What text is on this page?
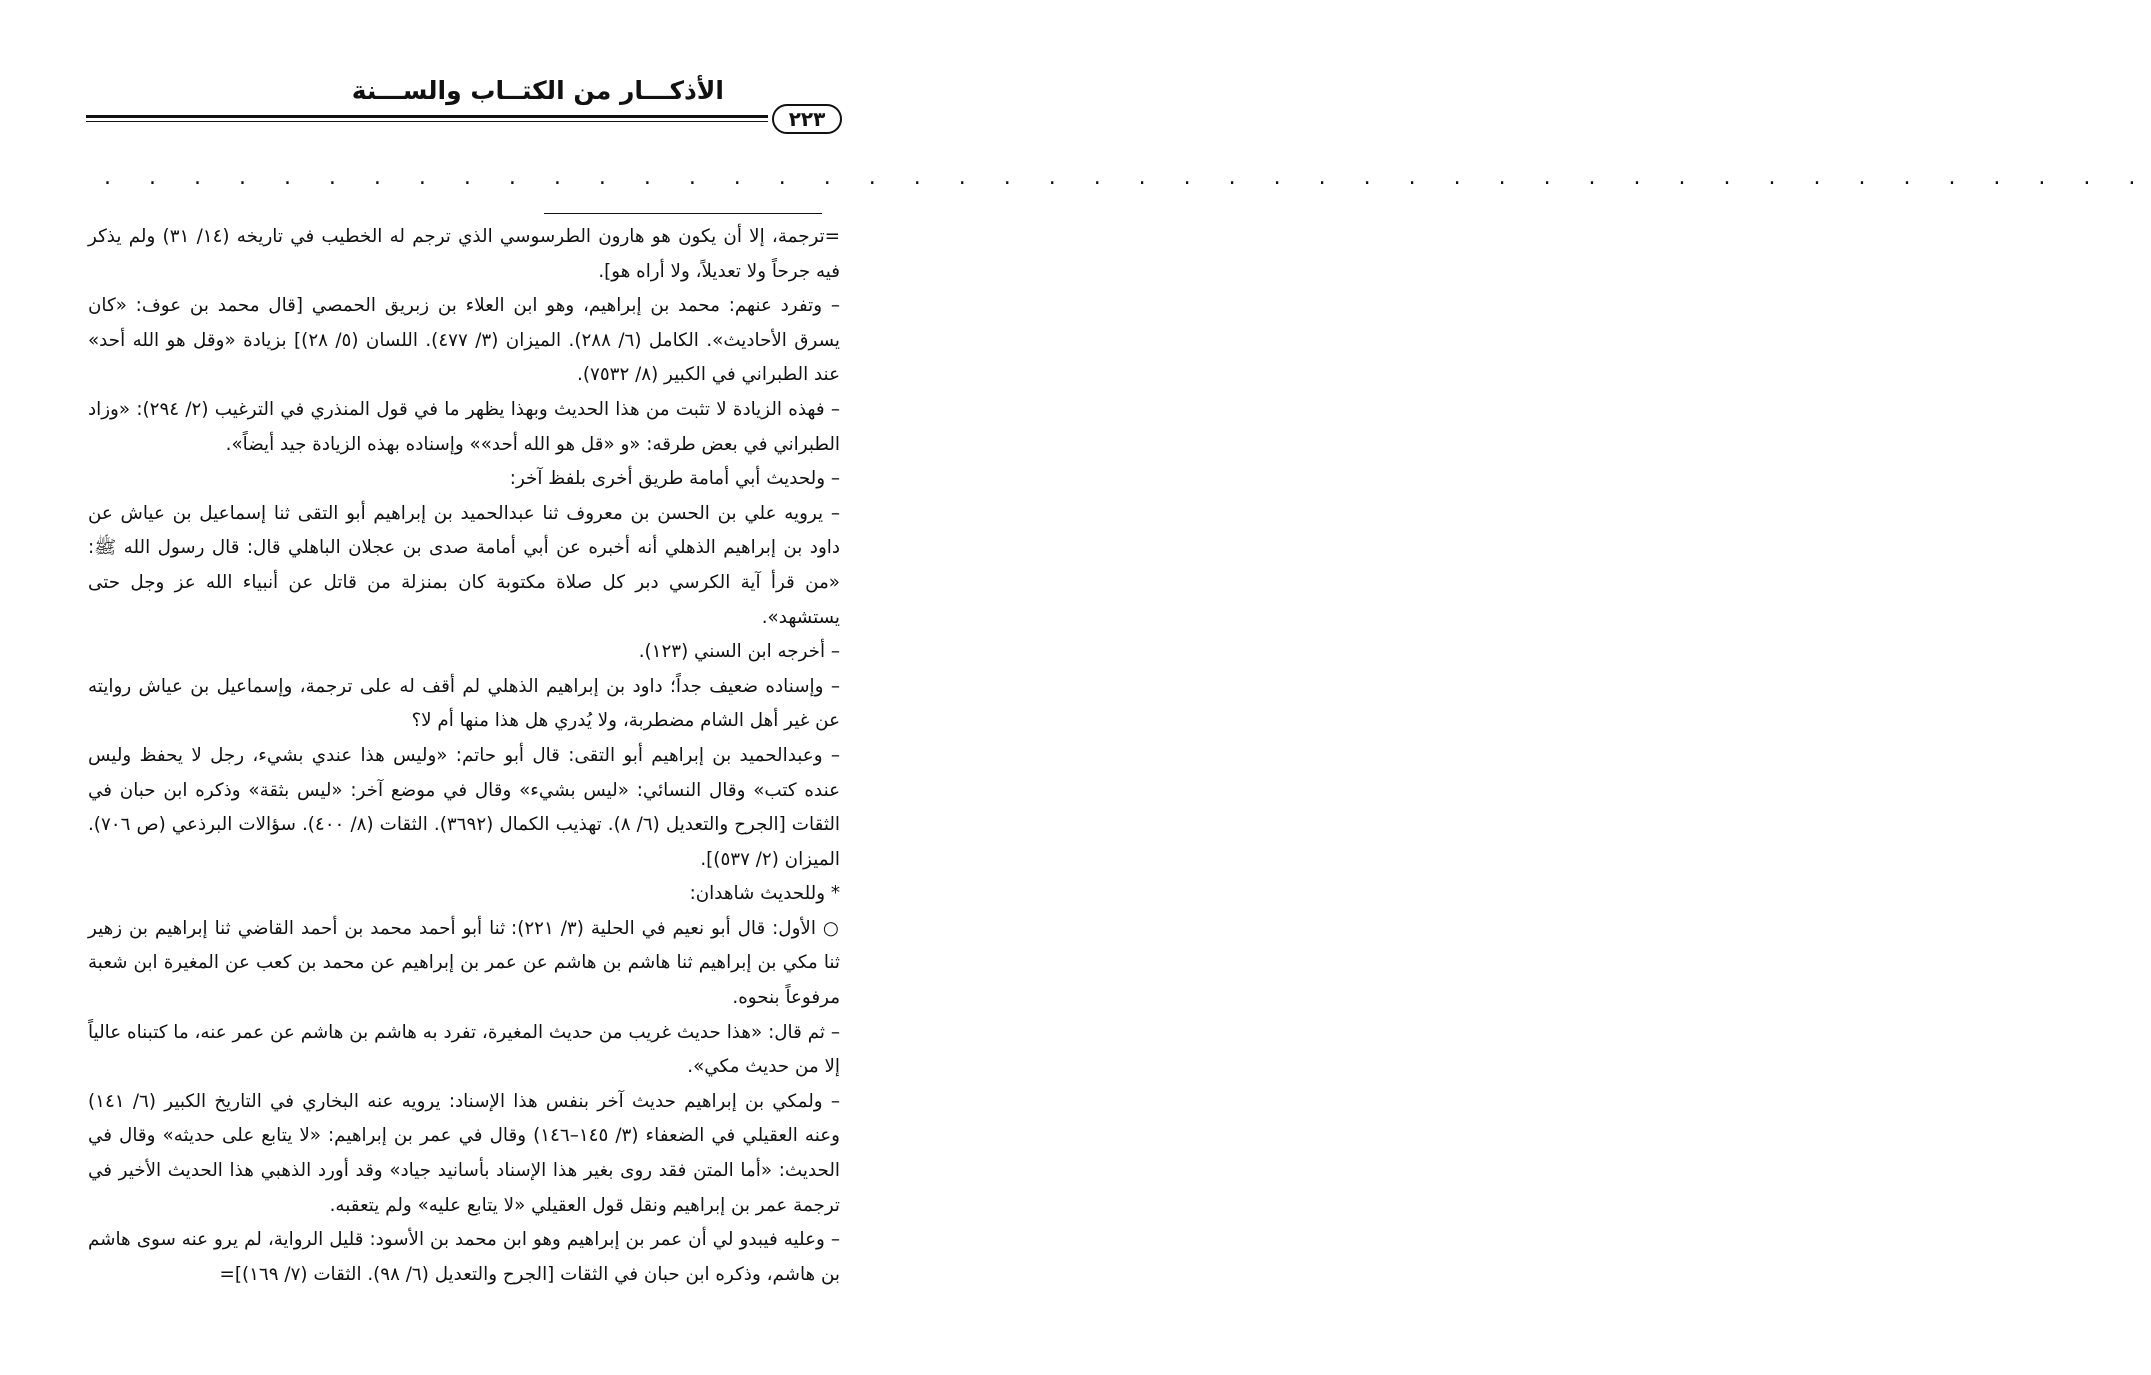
الأذكـــار من الكتــاب والســـنة
٢٢٣
. . . . . . . . . . . . . . . . . . . . . . . . . . . . . . . . . . . . . . . . . . . . . .

=ترجمة، إلا أن يكون هو هارون الطرسوسي الذي ترجم له الخطيب في تاريخه (١٤/ ٣١) ولم يذكر فيه جرحاً ولا تعديلاً، ولا أراه هو].

– وتفرد عنهم: محمد بن إبراهيم، وهو ابن العلاء بن زبريق الحمصي [قال محمد بن عوف: «كان يسرق الأحاديث». الكامل (٦/ ٢٨٨). الميزان (٣/ ٤٧٧). اللسان (٥/ ٢٨)] بزيادة «وقل هو الله أحد» عند الطبراني في الكبير (٨/ ٧٥٣٢).

– فهذه الزيادة لا تثبت من هذا الحديث وبهذا يظهر ما في قول المنذري في الترغيب (٢/ ٢٩٤): «وزاد الطبراني في بعض طرقه: «و «قل هو الله أحد»» وإسناده بهذه الزيادة جيد أيضاً».

– ولحديث أبي أمامة طريق أخرى بلفظ آخر:

– يرويه علي بن الحسن بن معروف ثنا عبدالحميد بن إبراهيم أبو التقى ثنا إسماعيل بن عياش عن داود بن إبراهيم الذهلي أنه أخبره عن أبي أمامة صدى بن عجلان الباهلي قال: قال رسول الله ﷺ: «من قرأ آية الكرسي دبر كل صلاة مكتوبة كان بمنزلة من قاتل عن أنبياء الله عز وجل حتى يستشهد».

– أخرجه ابن السني (١٢٣).

– وإسناده ضعيف جداً؛ داود بن إبراهيم الذهلي لم أقف له على ترجمة، وإسماعيل بن عياش روايته عن غير أهل الشام مضطربة، ولا يُدري هل هذا منها أم لا؟

– وعبدالحميد بن إبراهيم أبو التقى: قال أبو حاتم: «وليس هذا عندي بشيء، رجل لا يحفظ وليس عنده كتب» وقال النسائي: «ليس بشيء» وقال في موضع آخر: «ليس بثقة» وذكره ابن حبان في الثقات [الجرح والتعديل (٦/ ٨). تهذيب الكمال (٣٦٩٢). الثقات (٨/ ٤٠٠). سؤالات البرذعي (ص ٧٠٦). الميزان (٢/ ٥٣٧)].

* وللحديث شاهدان:

○ الأول: قال أبو نعيم في الحلية (٣/ ٢٢١): ثنا أبو أحمد محمد بن أحمد القاضي ثنا إبراهيم بن زهير ثنا مكي بن إبراهيم ثنا هاشم بن هاشم عن عمر بن إبراهيم عن محمد بن كعب عن المغيرة ابن شعبة مرفوعاً بنحوه.

– ثم قال: «هذا حديث غريب من حديث المغيرة، تفرد به هاشم بن هاشم عن عمر عنه، ما كتبناه عالياً إلا من حديث مكي».

– ولمكي بن إبراهيم حديث آخر بنفس هذا الإسناد: يرويه عنه البخاري في التاريخ الكبير (٦/ ١٤١) وعنه العقيلي في الضعفاء (٣/ ١٤٥–١٤٦) وقال في عمر بن إبراهيم: «لا يتابع على حديثه» وقال في الحديث: «أما المتن فقد روى بغير هذا الإسناد بأسانيد جياد» وقد أورد الذهبي هذا الحديث الأخير في ترجمة عمر بن إبراهيم ونقل قول العقيلي «لا يتابع عليه» ولم يتعقبه.

– وعليه فيبدو لي أن عمر بن إبراهيم وهو ابن محمد بن الأسود: قليل الرواية، لم يرو عنه سوى هاشم بن هاشم، وذكره ابن حبان في الثقات [الجرح والتعديل (٦/ ٩٨). الثقات (٧/ ١٦٩)]=
